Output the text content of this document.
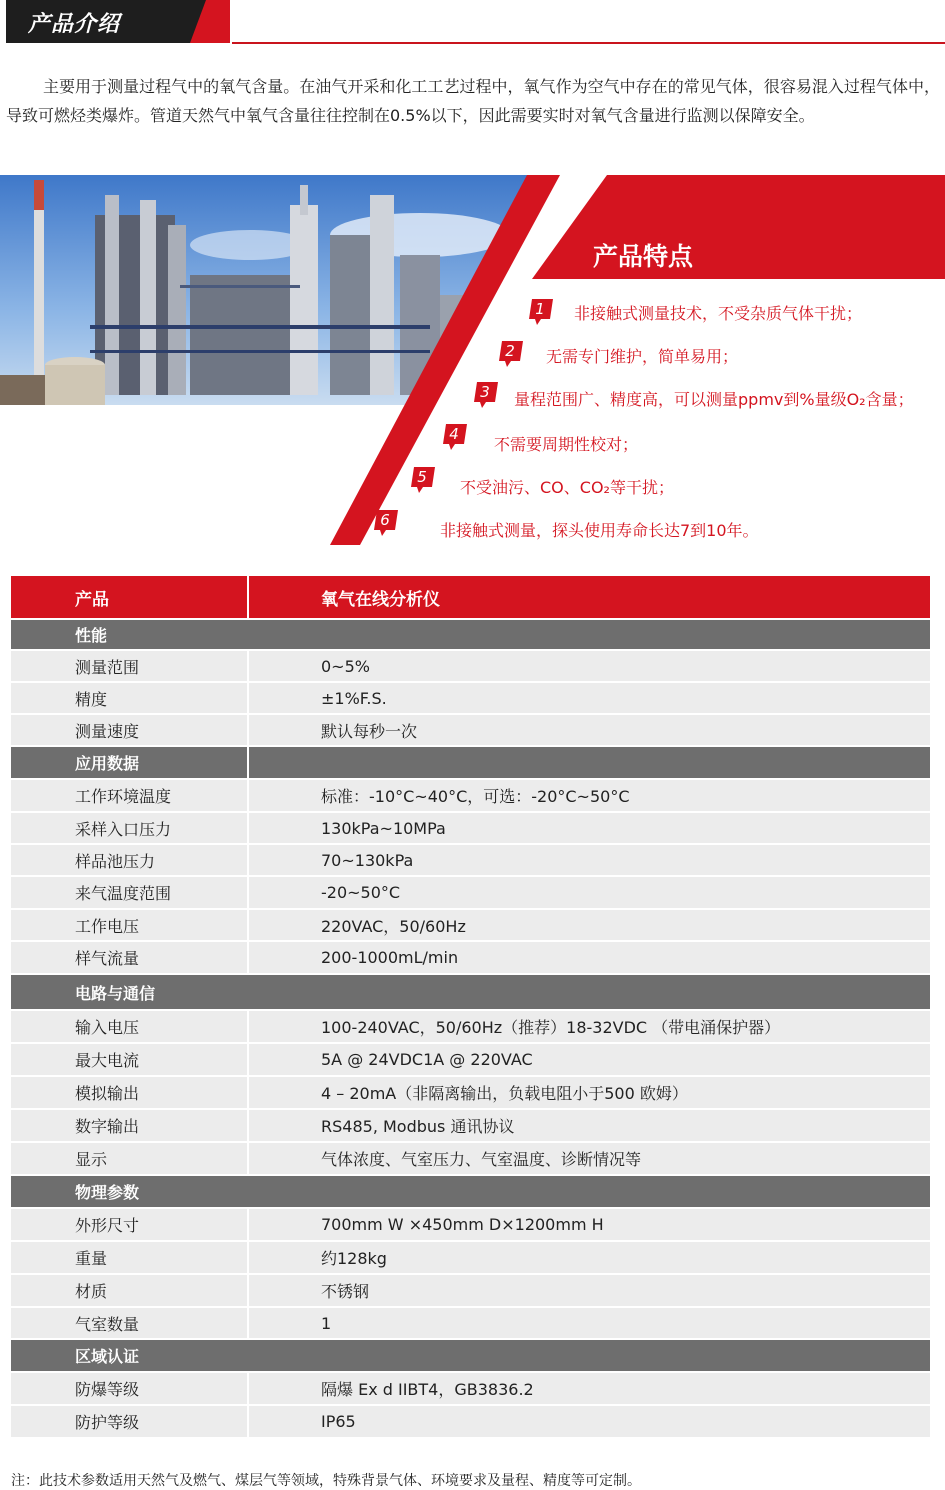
产品介绍

主要用于测量过程气中的氧气含量。在油气开采和化工工艺过程中，氧气作为空气中存在的常见气体，很容易混入过程气体中，导致可燃烃类爆炸。管道天然气中氧气含量往往控制在0.5%以下，因此需要实时对氧气含量进行监测以保障安全。

产品特点
1	非接触式测量技术，不受杂质气体干扰；
2	无需专门维护，简单易用；
3	量程范围广、精度高，可以测量ppmv到%量级O₂含量；
4
不需要周期性校对；
5
不受油污、CO、CO₂等干扰；
6
非接触式测量，探头使用寿命长达7到10年。
产品	氧气在线分析仪
性能
测量范围	0~5%
精度	±1%F.S.
测量速度	默认每秒一次
应用数据
工作环境温度	标准：-10°C~40°C，可选：-20°C~50°C
采样入口压力	130kPa~10MPa
样品池压力	70~130kPa
来气温度范围	-20~50°C
工作电压	220VAC，50/60Hz
样气流量	200-1000mL/min
电路与通信
输入电压	100-240VAC，50/60Hz（推荐）18-32VDC （带电涌保护器）
最大电流	5A @ 24VDC1A @ 220VAC
模拟输出	4 – 20mA（非隔离输出，负载电阻小于500 欧姆）
数字输出	RS485, Modbus 通讯协议
显示	气体浓度、气室压力、气室温度、诊断情况等
物理参数
外形尺寸	700mm W ×450mm D×1200mm H
重量	约128kg
材质	不锈钢
气室数量	1
区域认证
防爆等级	隔爆 Ex d IIBT4，GB3836.2
防护等级	IP65
注：此技术参数适用天然气及燃气、煤层气等领域，特殊背景气体、环境要求及量程、精度等可定制。
